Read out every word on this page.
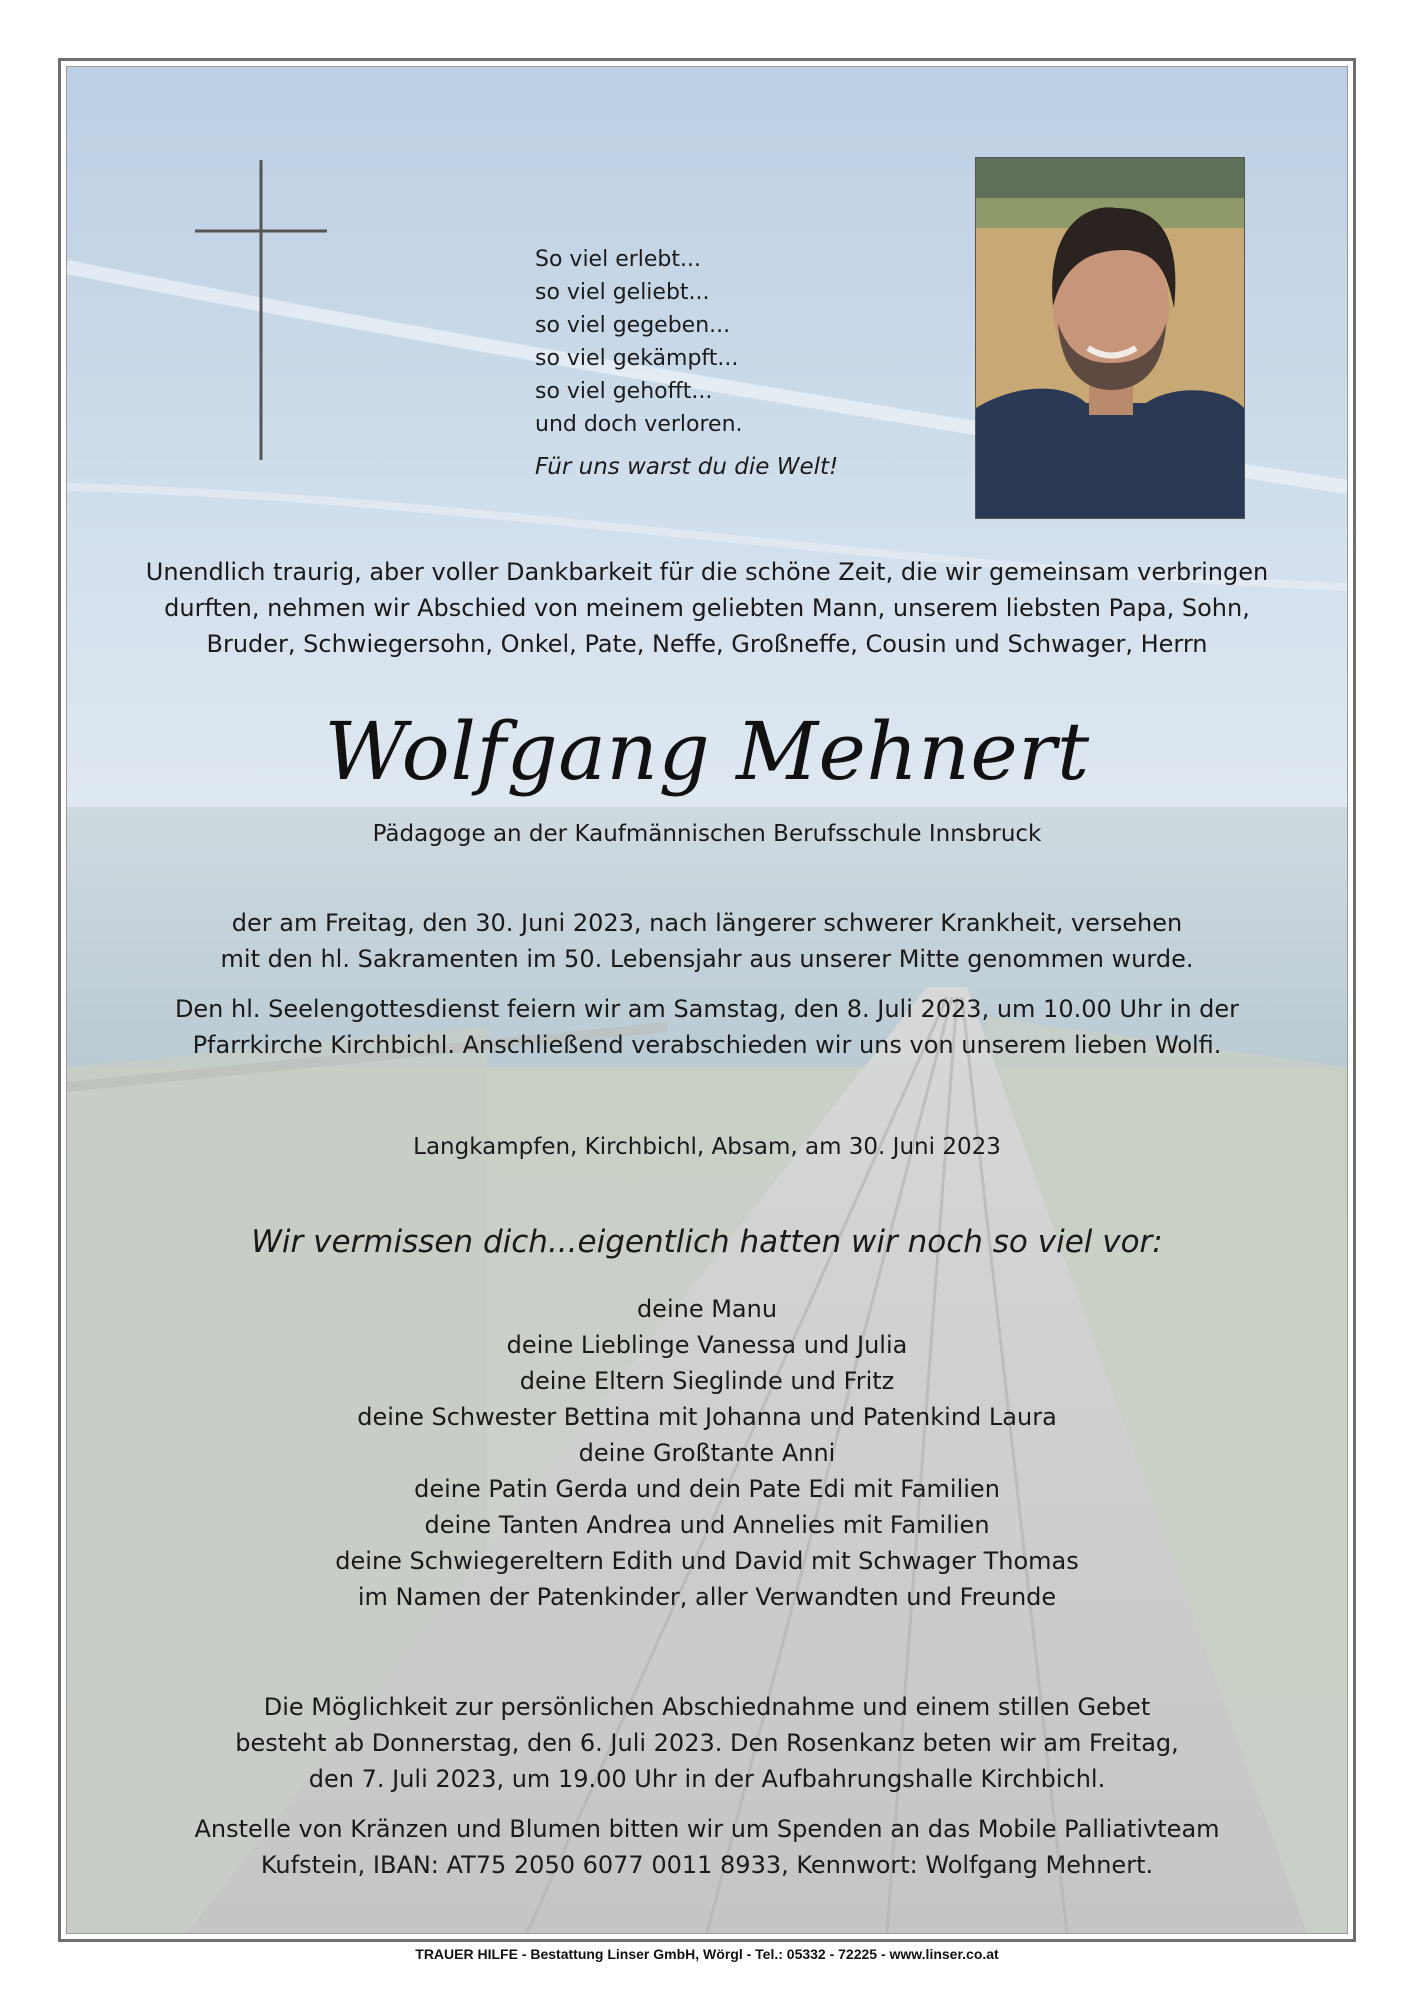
So viel erlebt...
so viel geliebt...
so viel gegeben...
so viel gekämpft...
so viel gehofft...
und doch verloren.
Für uns warst du die Welt!
Unendlich traurig, aber voller Dankbarkeit für die schöne Zeit, die wir gemeinsam verbringen
durften, nehmen wir Abschied von meinem geliebten Mann, unserem liebsten Papa, Sohn,
Bruder, Schwiegersohn, Onkel, Pate, Neffe, Großneffe, Cousin und Schwager, Herrn
Wolfgang Mehnert
Pädagoge an der Kaufmännischen Berufsschule Innsbruck
der am Freitag, den 30. Juni 2023, nach längerer schwerer Krankheit, versehen
mit den hl. Sakramenten im 50. Lebensjahr aus unserer Mitte genommen wurde.
Den hl. Seelengottesdienst feiern wir am Samstag, den 8. Juli 2023, um 10.00 Uhr in der
Pfarrkirche Kirchbichl. Anschließend verabschieden wir uns von unserem lieben Wolfi.
Langkampfen, Kirchbichl, Absam, am 30. Juni 2023
Wir vermissen dich...eigentlich hatten wir noch so viel vor:
deine Manu
deine Lieblinge Vanessa und Julia
deine Eltern Sieglinde und Fritz
deine Schwester Bettina mit Johanna und Patenkind Laura
deine Großtante Anni
deine Patin Gerda und dein Pate Edi mit Familien
deine Tanten Andrea und Annelies mit Familien
deine Schwiegereltern Edith und David mit Schwager Thomas
im Namen der Patenkinder, aller Verwandten und Freunde
Die Möglichkeit zur persönlichen Abschiednahme und einem stillen Gebet
besteht ab Donnerstag, den 6. Juli 2023. Den Rosenkanz beten wir am Freitag,
den 7. Juli 2023, um 19.00 Uhr in der Aufbahrungshalle Kirchbichl.
Anstelle von Kränzen und Blumen bitten wir um Spenden an das Mobile Palliativteam
Kufstein, IBAN: AT75 2050 6077 0011 8933, Kennwort: Wolfgang Mehnert.
TRAUER HILFE - Bestattung Linser GmbH, Wörgl - Tel.: 05332 - 72225 - www.linser.co.at
